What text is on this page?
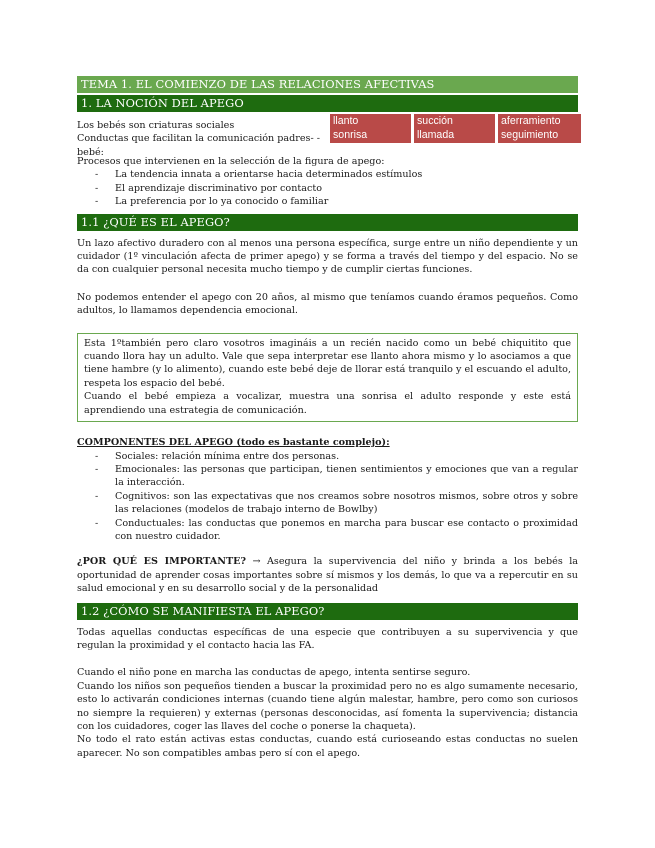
TEMA 1. EL COMIENZO DE LAS RELACIONES AFECTIVAS
1. LA NOCIÓN DEL APEGO
Los bebés son criaturas sociales
Conductas que facilitan la comunicación padres- -bebé:
llanto
sonrisa
succión
llamada
aferramiento
seguimiento

Procesos que intervienen en la selección de la figura de apego:

- La tendencia innata a orientarse hacia determinados estímulos
- El aprendizaje discriminativo por contacto
- La preferencia por lo ya conocido o familiar
1.1 ¿QUÉ ES EL APEGO?

Un lazo afectivo duradero con al menos una persona específica, surge entre un niño dependiente y un cuidador (1º vinculación afecta de primer apego) y se forma a través del tiempo y del espacio. No se da con cualquier personal necesita mucho tiempo y de cumplir ciertas funciones.

No podemos entender el apego con 20 años, al mismo que teníamos cuando éramos pequeños. Como adultos, lo llamamos dependencia emocional.

Esta 1ºtambién pero claro vosotros imagináis a un recién nacido como un bebé chiquitito que cuando llora hay un adulto. Vale que sepa interpretar ese llanto ahora mismo y lo asociamos a que tiene hambre (y lo alimento), cuando este bebé deje de llorar está tranquilo y el escuando el adulto, respeta los espacio del bebé.

Cuando el bebé empieza a vocalizar, muestra una sonrisa el adulto responde y este está aprendiendo una estrategia de comunicación.

COMPONENTES DEL APEGO (todo es bastante complejo):

- Sociales: relación mínima entre dos personas.
- Emocionales: las personas que participan, tienen sentimientos y emociones que van a regular la interacción.
- Cognitivos: son las expectativas que nos creamos sobre nosotros mismos, sobre otros y sobre las relaciones (modelos de trabajo interno de Bowlby)
- Conductuales: las conductas que ponemos en marcha para buscar ese contacto o proximidad con nuestro cuidador.

¿POR QUÉ ES IMPORTANTE? → Asegura la supervivencia del niño y brinda a los bebés la oportunidad de aprender cosas importantes sobre sí mismos y los demás, lo que va a repercutir en su salud emocional y en su desarrollo social y de la personalidad

1.2 ¿CÓMO SE MANIFIESTA EL APEGO?

Todas aquellas conductas específicas de una especie que contribuyen a su supervivencia y que regulan la proximidad y el contacto hacia las FA.

Cuando el niño pone en marcha las conductas de apego, intenta sentirse seguro.

Cuando los niños son pequeños tienden a buscar la proximidad pero no es algo sumamente necesario, esto lo activarán condiciones internas (cuando tiene algún malestar, hambre, pero como son curiosos no siempre la requieren) y externas (personas desconocidas, así fomenta la supervivencia; distancia con los cuidadores, coger las llaves del coche o ponerse la chaqueta).

No todo el rato están activas estas conductas, cuando está curioseando estas conductas no suelen aparecer. No son compatibles ambas pero sí con el apego.
